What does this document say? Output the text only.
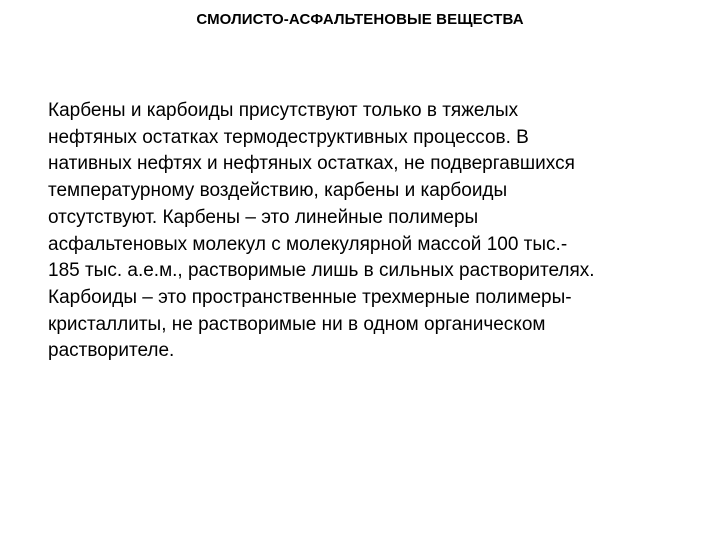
СМОЛИСТО-АСФАЛЬТЕНОВЫЕ ВЕЩЕСТВА
Карбены и карбоиды присутствуют только в тяжелых
нефтяных остатках термодеструктивных процессов. В
нативных нефтях и нефтяных остатках, не подвергавшихся
температурному воздействию, карбены и карбоиды
отсутствуют. Карбены – это линейные полимеры
асфальтеновых молекул с молекулярной массой 100 тыс.-
185 тыс. а.е.м., растворимые лишь в сильных растворителях.
Карбоиды – это пространственные трехмерные полимеры-
кристаллиты, не растворимые ни в одном органическом
растворителе.
